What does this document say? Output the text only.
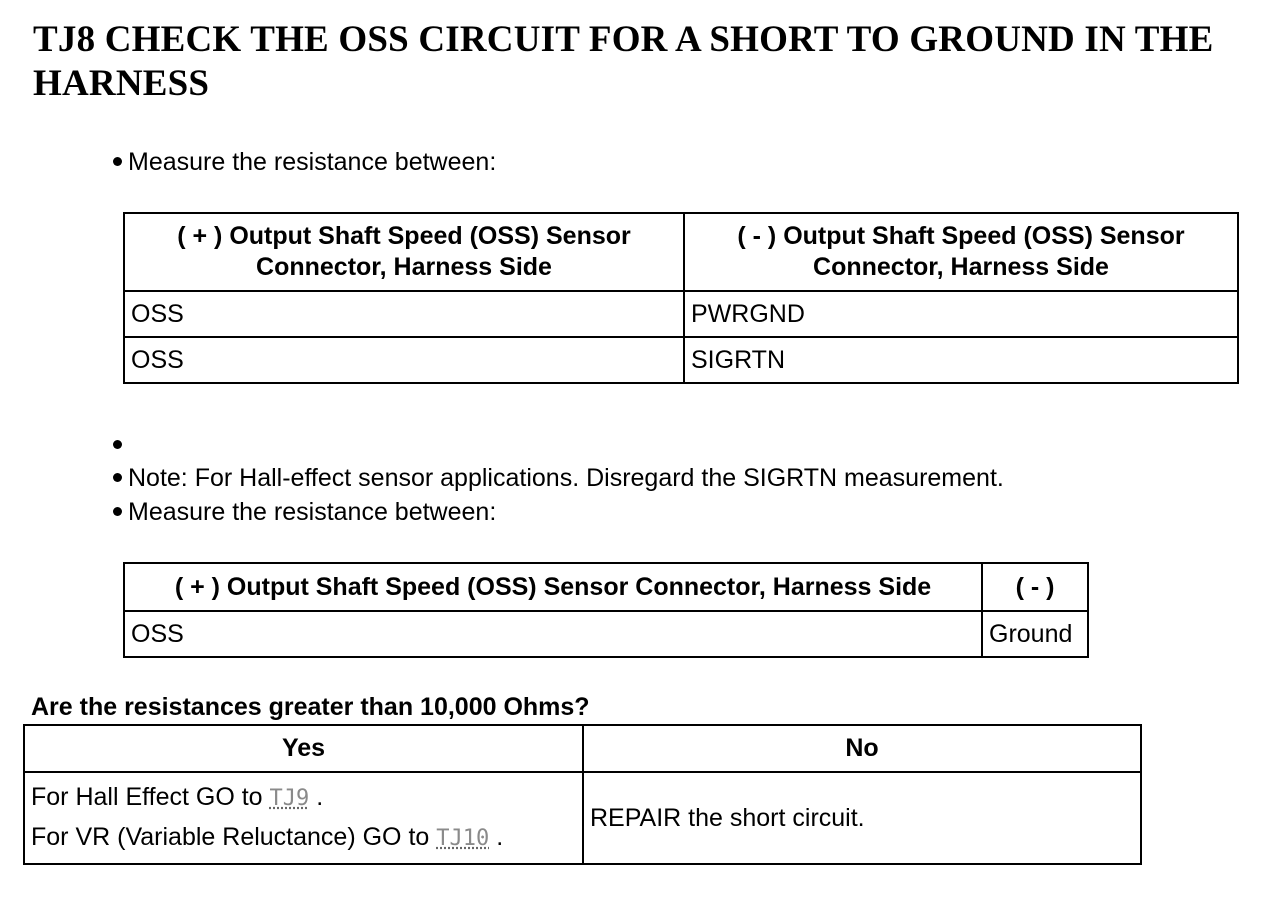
TJ8 CHECK THE OSS CIRCUIT FOR A SHORT TO GROUND IN THE HARNESS
Measure the resistance between:
( + ) Output Shaft Speed (OSS) Sensor Connector, Harness Side	( - ) Output Shaft Speed (OSS) Sensor Connector, Harness Side
OSS	PWRGND
OSS	SIGRTN
Note: For Hall-effect sensor applications. Disregard the SIGRTN measurement.
Measure the resistance between:
( + ) Output Shaft Speed (OSS) Sensor Connector, Harness Side	( - )
OSS	Ground
Are the resistances greater than 10,000 Ohms?
Yes	No

For Hall Effect GO to TJ9 .
For VR (Variable Reluctance) GO to TJ10 .	REPAIR the short circuit.
